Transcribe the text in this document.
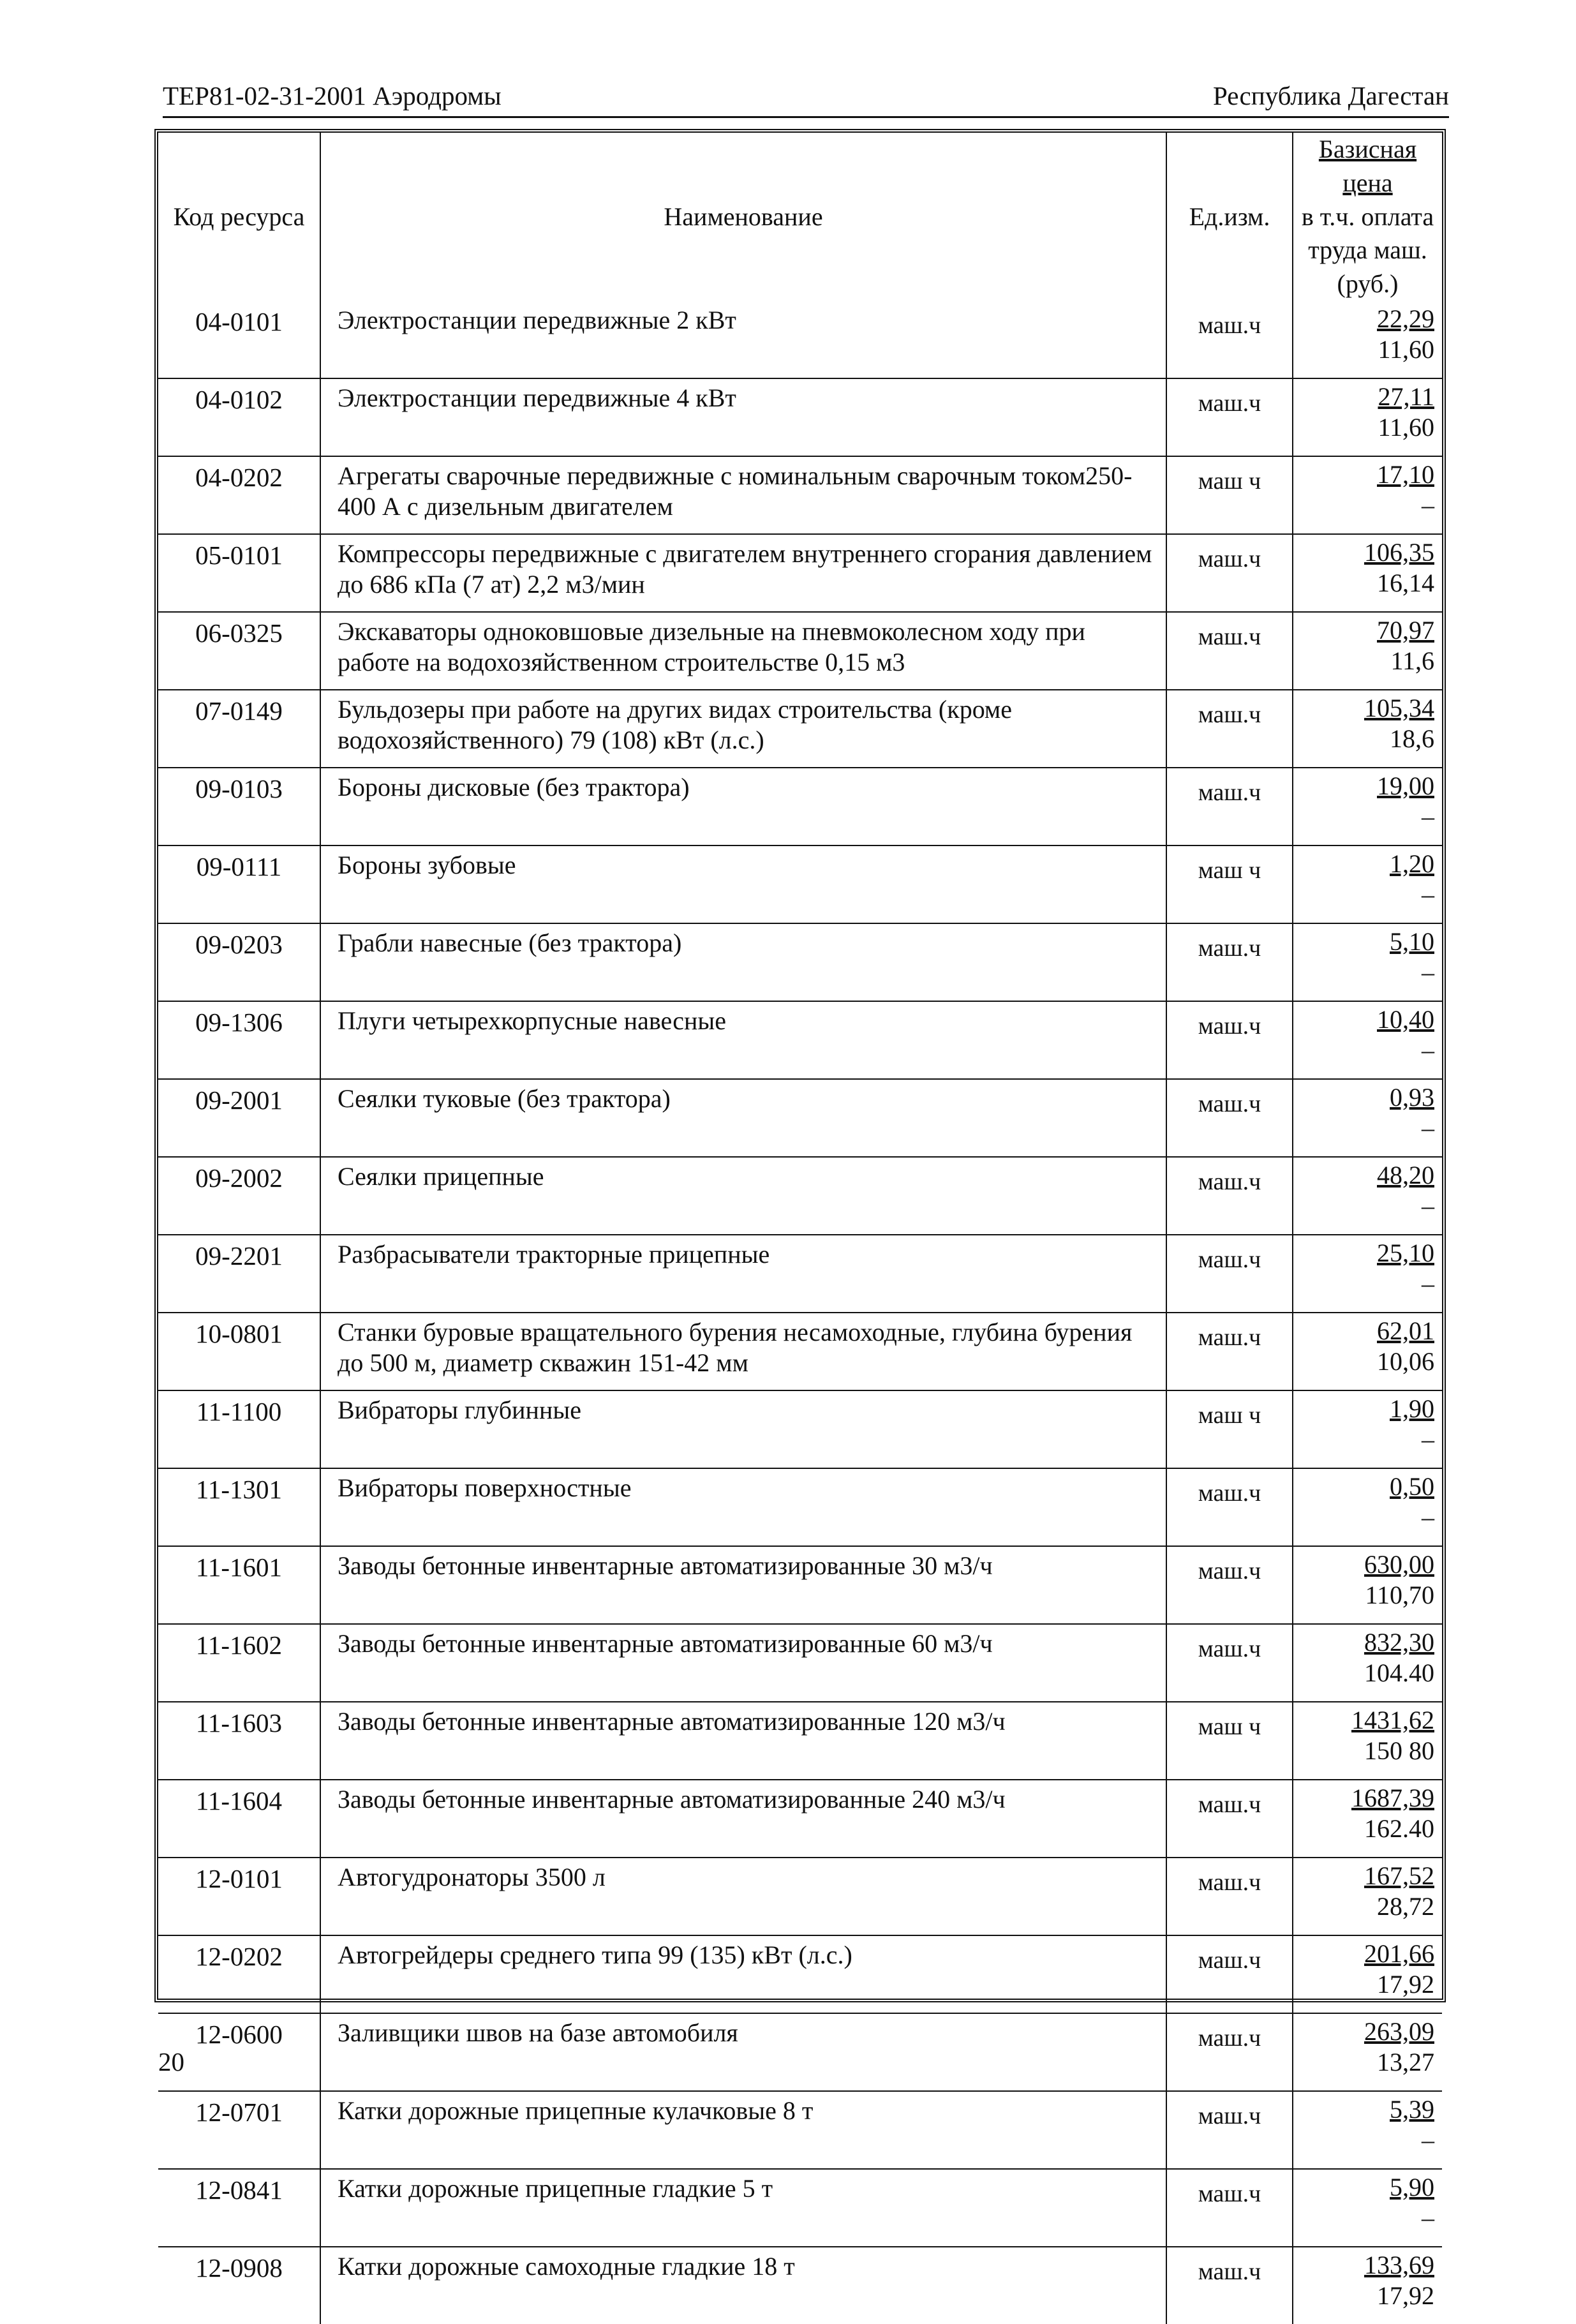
ТЕР81-02-31-2001 Аэродромы	Республика Дагестан
Код ресурса	Наименование	Ед.изм.	Базисная цена
в т.ч. оплата
труда маш.
(руб.)

04-0101	Электростанции передвижные 2 кВт	маш.ч	22,29
11,60

04-0102	Электростанции передвижные 4 кВт	маш.ч	27,11
11,60

04-0202	Агрегаты сварочные передвижные с номинальным сварочным током250-400 А с дизельным двигателем	маш ч	17,10
–

05-0101	Компрессоры передвижные с двигателем внутреннего сгорания давлением до 686 кПа (7 ат) 2,2 м3/мин	маш.ч	106,35
16,14

06-0325	Экскаваторы одноковшовые дизельные на пневмоколесном ходу при работе на водохозяйственном строительстве 0,15 м3	маш.ч	70,97
11,6

07-0149	Бульдозеры при работе на других видах строительства (кроме водохозяйственного) 79 (108) кВт (л.с.)	маш.ч	105,34
18,6

09-0103	Бороны дисковые (без трактора)	маш.ч	19,00
–

09-0111	Бороны зубовые	маш ч	1,20
–

09-0203	Грабли навесные (без трактора)	маш.ч	5,10
–

09-1306	Плуги четырехкорпусные навесные	маш.ч	10,40
–

09-2001	Сеялки туковые (без трактора)	маш.ч	0,93
–

09-2002	Сеялки прицепные	маш.ч	48,20
–

09-2201	Разбрасыватели тракторные прицепные	маш.ч	25,10
–

10-0801	Станки буровые вращательного бурения несамоходные, глубина бурения до 500 м, диаметр скважин 151-42 мм	маш.ч	62,01
10,06

11-1100	Вибраторы глубинные	маш ч	1,90
–

11-1301	Вибраторы поверхностные	маш.ч	0,50
–

11-1601	Заводы бетонные инвентарные автоматизированные 30 м3/ч	маш.ч	630,00
110,70

11-1602	Заводы бетонные инвентарные автоматизированные 60 м3/ч	маш.ч	832,30
104.40

11-1603	Заводы бетонные инвентарные автоматизированные 120 м3/ч	маш ч	1431,62
150 80

11-1604	Заводы бетонные инвентарные автоматизированные 240 м3/ч	маш.ч	1687,39
162.40

12-0101	Автогудронаторы 3500 л	маш.ч	167,52
28,72

12-0202	Автогрейдеры среднего типа 99 (135) кВт (л.с.)	маш.ч	201,66
17,92

12-0600	Заливщики швов на базе автомобиля	маш.ч	263,09
13,27

12-0701	Катки дорожные прицепные кулачковые 8 т	маш.ч	5,39
–

12-0841	Катки дорожные прицепные гладкие 5 т	маш.ч	5,90
–

12-0908	Катки дорожные самоходные гладкие 18 т	маш.ч	133,69
17,92
20
